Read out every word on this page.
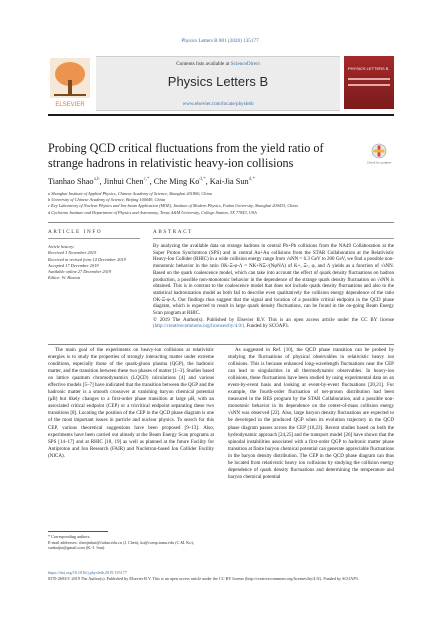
Physics Letters B 801 (2020) 135177
ELSEVIER
Contents lists available at ScienceDirect
Physics Letters B
www.elsevier.com/locate/physletb
PHYSICS LETTERS B
Probing QCD critical fluctuations from the yield ratio of strange hadrons in relativistic heavy-ion collisions	Check for updates
Tianhao Shao$^{a,b}$, Jinhui Chen$^{c,*}$, Che Ming $Ko^{d,*}$, Kai-Jia Sun$^{d,*}$

a Shanghai Institute of Applied Physics, Chinese Academy of Science, Shanghai 201800, China

b University of Chinese Academy of Science, Beijing 100049, China

c Key Laboratory of Nuclear Physics and Ion-beam Application (MOE), Institute of Modern Physics, Fudan University, Shanghai 200433, China

d Cyclotron Institute and Department of Physics and Astronomy, Texas A&M University, College Station, TX 77843, USA

ARTICLE INFO	ABSTRACT

Article history:

Received 3 November 2019

Received in revised form 14 December 2019

Accepted 17 December 2019

Available online 27 December 2019

Editor: W. Haxton

By analyzing the available data on strange hadrons in central Pb+Pb collisions from the NA49 Collaboration at the Super Proton Synchrotron (SPS) and in central Au+Au collisions from the STAR Collaboration at the Relativistic Heavy-Ion Collider (RHIC) in a wide collision energy range from √sNN = 6.3 GeV to 200 GeV, we find a possible non-monotonic behavior in the ratio OK-Ξ-φ-Λ = NK+NΞ-/(NφNΛ) of K+, Ξ-, φ, and Λ yields as a function of √sNN. Based on the quark coalescence model, which can take into account the effect of quark density fluctuations on hadron production, a possible non-monotonic behavior in the dependence of the strange quark density fluctuation on √sNN is obtained. This is in contrast to the coalescence model that does not include quark density fluctuations and also to the statistical hadronization model as both fail to describe even qualitatively the collision energy dependence of the ratio OK-Ξ-φ-Λ. Our findings thus suggest that the signal and location of a possible critical endpoint in the QCD phase diagram, which is expected to result in large quark density fluctuations, can be found in the on-going Beam Energy Scan program at RHIC.

© 2019 The Author(s). Published by Elsevier B.V. This is an open access article under the CC BY license (http://creativecommons.org/licenses/by/4.0/). Funded by SCOAP3.

The main goal of the experiments on heavy-ion collisions at relativistic energies is to study the properties of strongly interacting matter under extreme conditions, especially those of the quark-gluon plasma (QGP), the hadronic matter, and the transition between these two phases of matter [1–3]. Studies based on lattice quantum chromodynamics (LQCD) calculations [4] and various effective models [5–7] have indicated that the transition between the QGP and the hadronic matter is a smooth crossover at vanishing baryon chemical potential (μB) but likely changes to a first-order phase transition at large μB, with an associated critical endpoint (CEP) or a tricritical endpoint separating these two transitions [8]. Locating the position of the CEP in the QCD phase diagram is one of the most important issues in particle and nuclear physics. To search for this CEP, various theoretical suggestions have been proposed [9–13]. Also, experiments have been carried out already at the Beam Energy Scan programs at SPS [14–17] and at RHIC [18, 19] as well as planned at the future Facility for Antiproton and Ion Research (FAIR) and Nuclotron-based Ion Collider Facility (NICA).

As suggested in Ref. [10], the QCD phase transition can be probed by studying the fluctuations of physical observables in relativistic heavy ion collisions. This is because enhanced long-wavelength fluctuations near the CEP can lead to singularities in all thermodynamic observables. In heavy-ion collisions, these fluctuations have been studied by using experimental data on an event-by-event basis and looking at event-by-event fluctuations [20,21]. For example, the fourth-order fluctuation of net-proton distribution had been measured in the BES program by the STAR Collaboration, and a possible non-monotonic behavior in its dependence on the center-of-mass collision energy √sNN was observed [22]. Also, large baryon density fluctuations are expected to be developed in the produced QGP when its evolution trajectory in the QCD phase diagram passes across the CEP [10,23]. Recent studies based on both the hydrodynamic approach [24,25] and the transport model [26] have shown that the spinodal instabilities associated with a first-order QGP to hadronic matter phase transition at finite baryon chemical potential can generate appreciable fluctuations in the baryon density distribution. The CEP in the QCD phase diagram can thus be located from relativistic heavy ion collisions by studying the collision energy dependence of quark density fluctuations and determining the temperature and baryon chemical potential

* Corresponding authors.

E-mail addresses: chenjinhui@fudan.edu.cn (J. Chen), ko@comp.tamu.edu (C.M. Ko), sunkaijia@gmail.com (K.-J. Sun).

https://doi.org/10.1016/j.physletb.2019.135177

0370-2693/© 2019 The Author(s). Published by Elsevier B.V. This is an open access article under the CC BY license (http://creativecommons.org/licenses/by/4.0/). Funded by SCOAP3.
